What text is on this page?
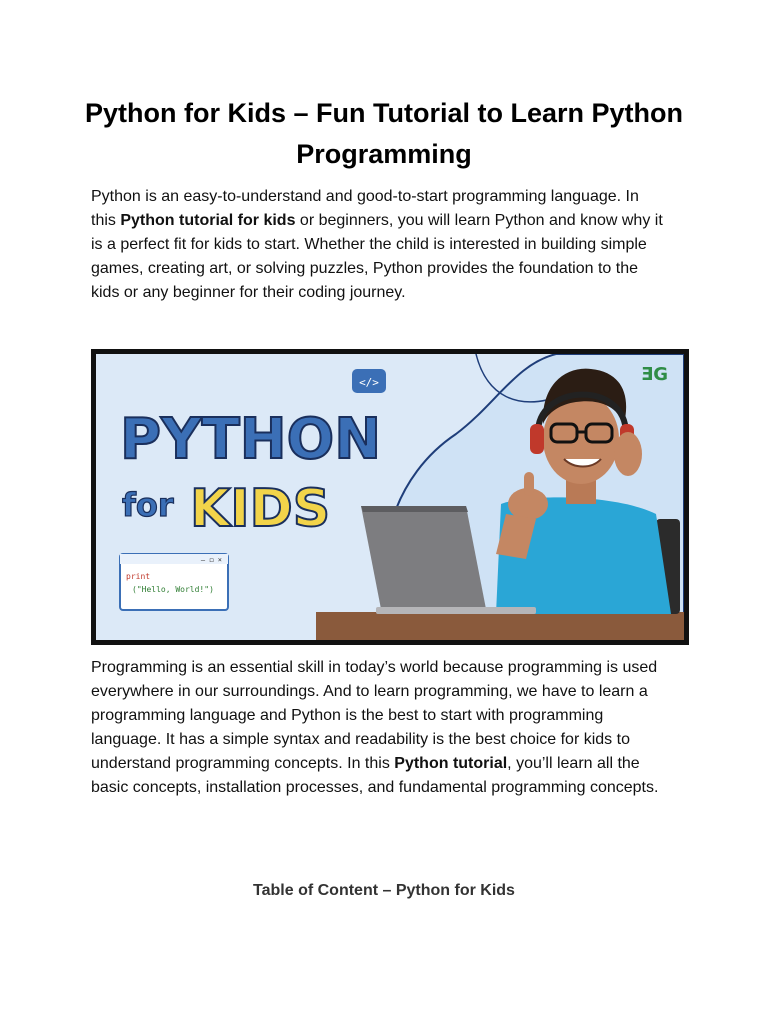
Python for Kids – Fun Tutorial to Learn Python
Programming
Python is an easy-to-understand and good-to-start programming language. In
this Python tutorial for kids or beginners, you will learn Python and know why it
is a perfect fit for kids to start. Whether the child is interested in building simple
games, creating art, or solving puzzles, Python provides the foundation to the
kids or any beginner for their coding journey.
</>
PYTHON
for KIDS
– ◻ ×
print
("Hello, World!")
ƎG
Programming is an essential skill in today’s world because programming is used
everywhere in our surroundings. And to learn programming, we have to learn a
programming language and Python is the best to start with programming
language. It has a simple syntax and readability is the best choice for kids to
understand programming concepts. In this Python tutorial, you’ll learn all the
basic concepts, installation processes, and fundamental programming concepts.
Table of Content – Python for Kids
